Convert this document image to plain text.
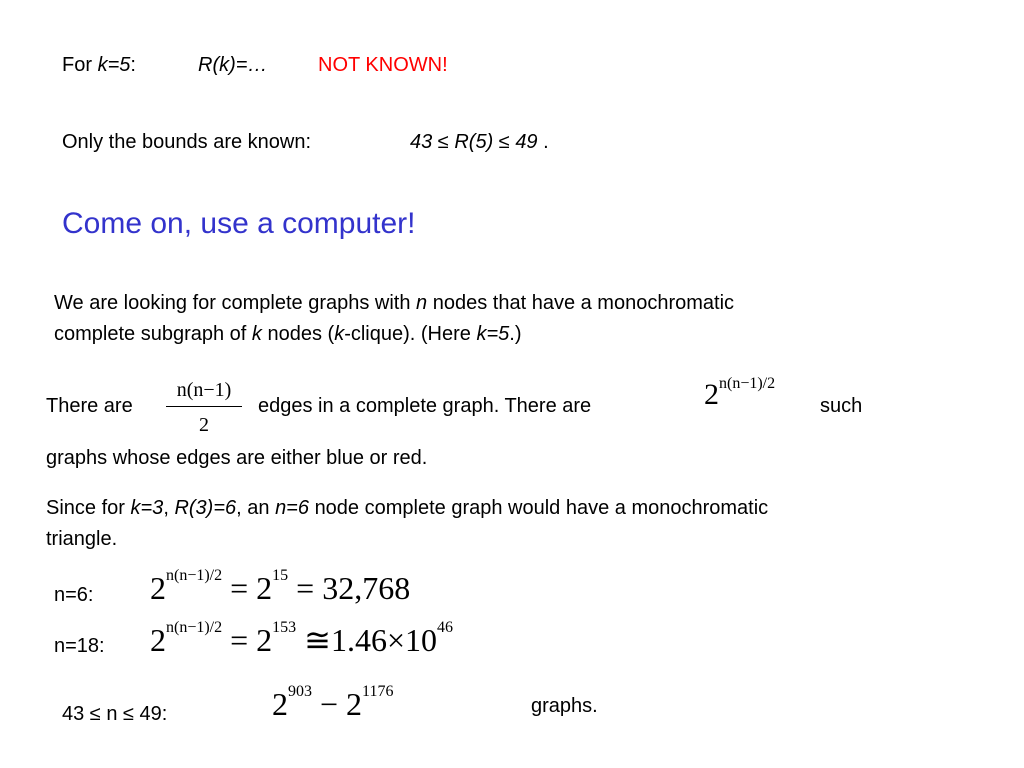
For k=5:	R(k)=…	NOT KNOWN!
Only the bounds are known:	43 ≤ R(5) ≤ 49 .
Come on, use a computer!
We are looking for complete graphs with n nodes that have a monochromatic
complete subgraph of k nodes (k-clique). (Here k=5.)
There are
n(n−1)
2
edges in a complete graph. There are	$2^{n(n-1)/2}$
such
graphs whose edges are either blue or red.
Since for k=3, R(3)=6, an n=6 node complete graph would have a monochromatic
triangle.
n=6: $2^{n(n-1)/2} = 2^{15} = 32,768$
n=18: $2^{n(n-1)/2} = 2^{153}$ $≅1.46\times 10^{46}$
43 ≤ n ≤ 49:	$2^{903} - 2^{1176}$
graphs.
